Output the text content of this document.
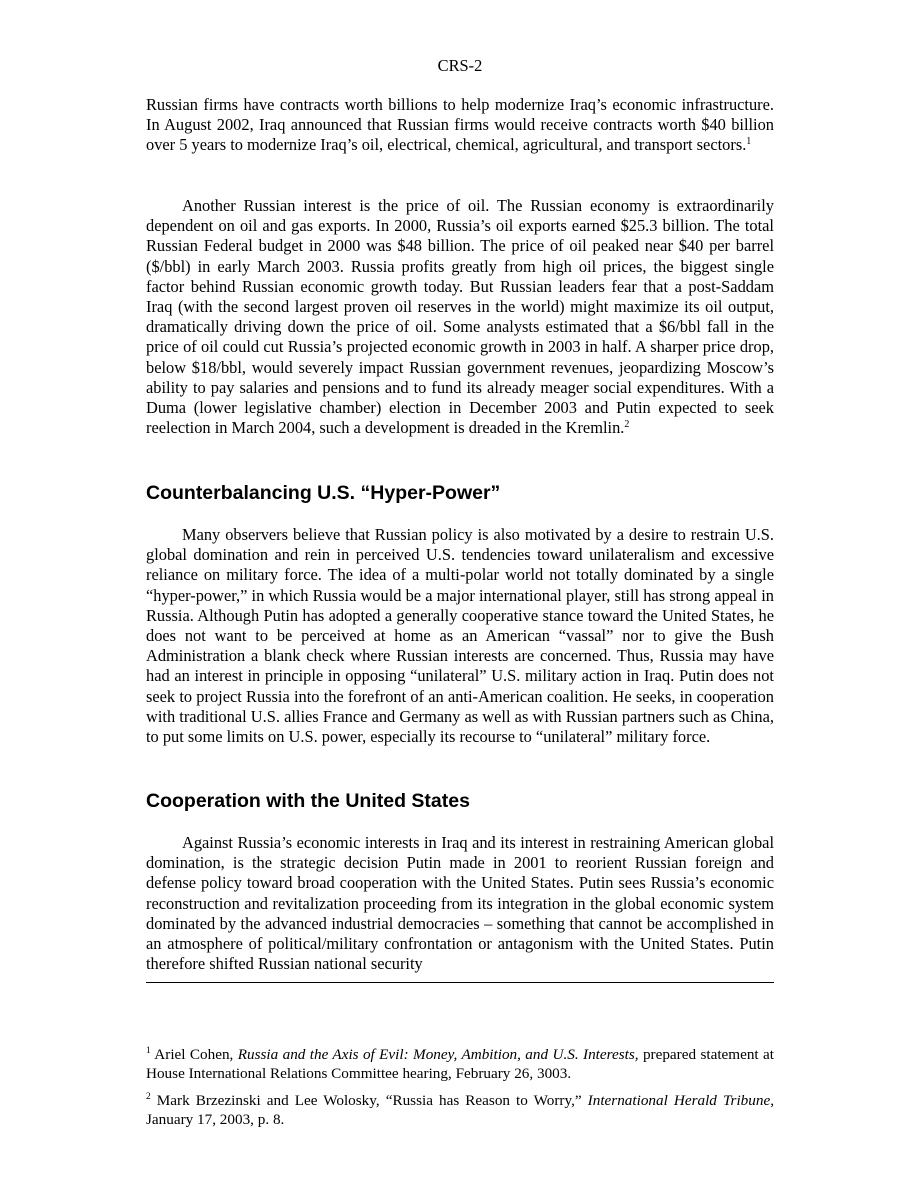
CRS-2

Russian firms have contracts worth billions to help modernize Iraq’s economic infrastructure. In August 2002, Iraq announced that Russian firms would receive contracts worth $40 billion over 5 years to modernize Iraq’s oil, electrical, chemical, agricultural, and transport sectors.$^1$

Another Russian interest is the price of oil. The Russian economy is extraordinarily dependent on oil and gas exports. In 2000, Russia’s oil exports earned $25.3 billion. The total Russian Federal budget in 2000 was $48 billion. The price of oil peaked near $40 per barrel ($/bbl) in early March 2003. Russia profits greatly from high oil prices, the biggest single factor behind Russian economic growth today. But Russian leaders fear that a post-Saddam Iraq (with the second largest proven oil reserves in the world) might maximize its oil output, dramatically driving down the price of oil. Some analysts estimated that a $6/bbl fall in the price of oil could cut Russia’s projected economic growth in 2003 in half. A sharper price drop, below $18/bbl, would severely impact Russian government revenues, jeopardizing Moscow’s ability to pay salaries and pensions and to fund its already meager social expenditures. With a Duma (lower legislative chamber) election in December 2003 and Putin expected to seek reelection in March 2004, such a development is dreaded in the Kremlin.$^2$

Counterbalancing U.S. “Hyper-Power”

Many observers believe that Russian policy is also motivated by a desire to restrain U.S. global domination and rein in perceived U.S. tendencies toward unilateralism and excessive reliance on military force. The idea of a multi-polar world not totally dominated by a single “hyper-power,” in which Russia would be a major international player, still has strong appeal in Russia. Although Putin has adopted a generally cooperative stance toward the United States, he does not want to be perceived at home as an American “vassal” nor to give the Bush Administration a blank check where Russian interests are concerned. Thus, Russia may have had an interest in principle in opposing “unilateral” U.S. military action in Iraq. Putin does not seek to project Russia into the forefront of an anti-American coalition. He seeks, in cooperation with traditional U.S. allies France and Germany as well as with Russian partners such as China, to put some limits on U.S. power, especially its recourse to “unilateral” military force.

Cooperation with the United States

Against Russia’s economic interests in Iraq and its interest in restraining American global domination, is the strategic decision Putin made in 2001 to reorient Russian foreign and defense policy toward broad cooperation with the United States. Putin sees Russia’s economic reconstruction and revitalization proceeding from its integration in the global economic system dominated by the advanced industrial democracies – something that cannot be accomplished in an atmosphere of political/military confrontation or antagonism with the United States. Putin therefore shifted Russian national security

$^1$ Ariel Cohen, Russia and the Axis of Evil: Money, Ambition, and U.S. Interests, prepared statement at House International Relations Committee hearing, February 26, 3003.

$^2$ Mark Brzezinski and Lee Wolosky, “Russia has Reason to Worry,” International Herald Tribune, January 17, 2003, p. 8.
